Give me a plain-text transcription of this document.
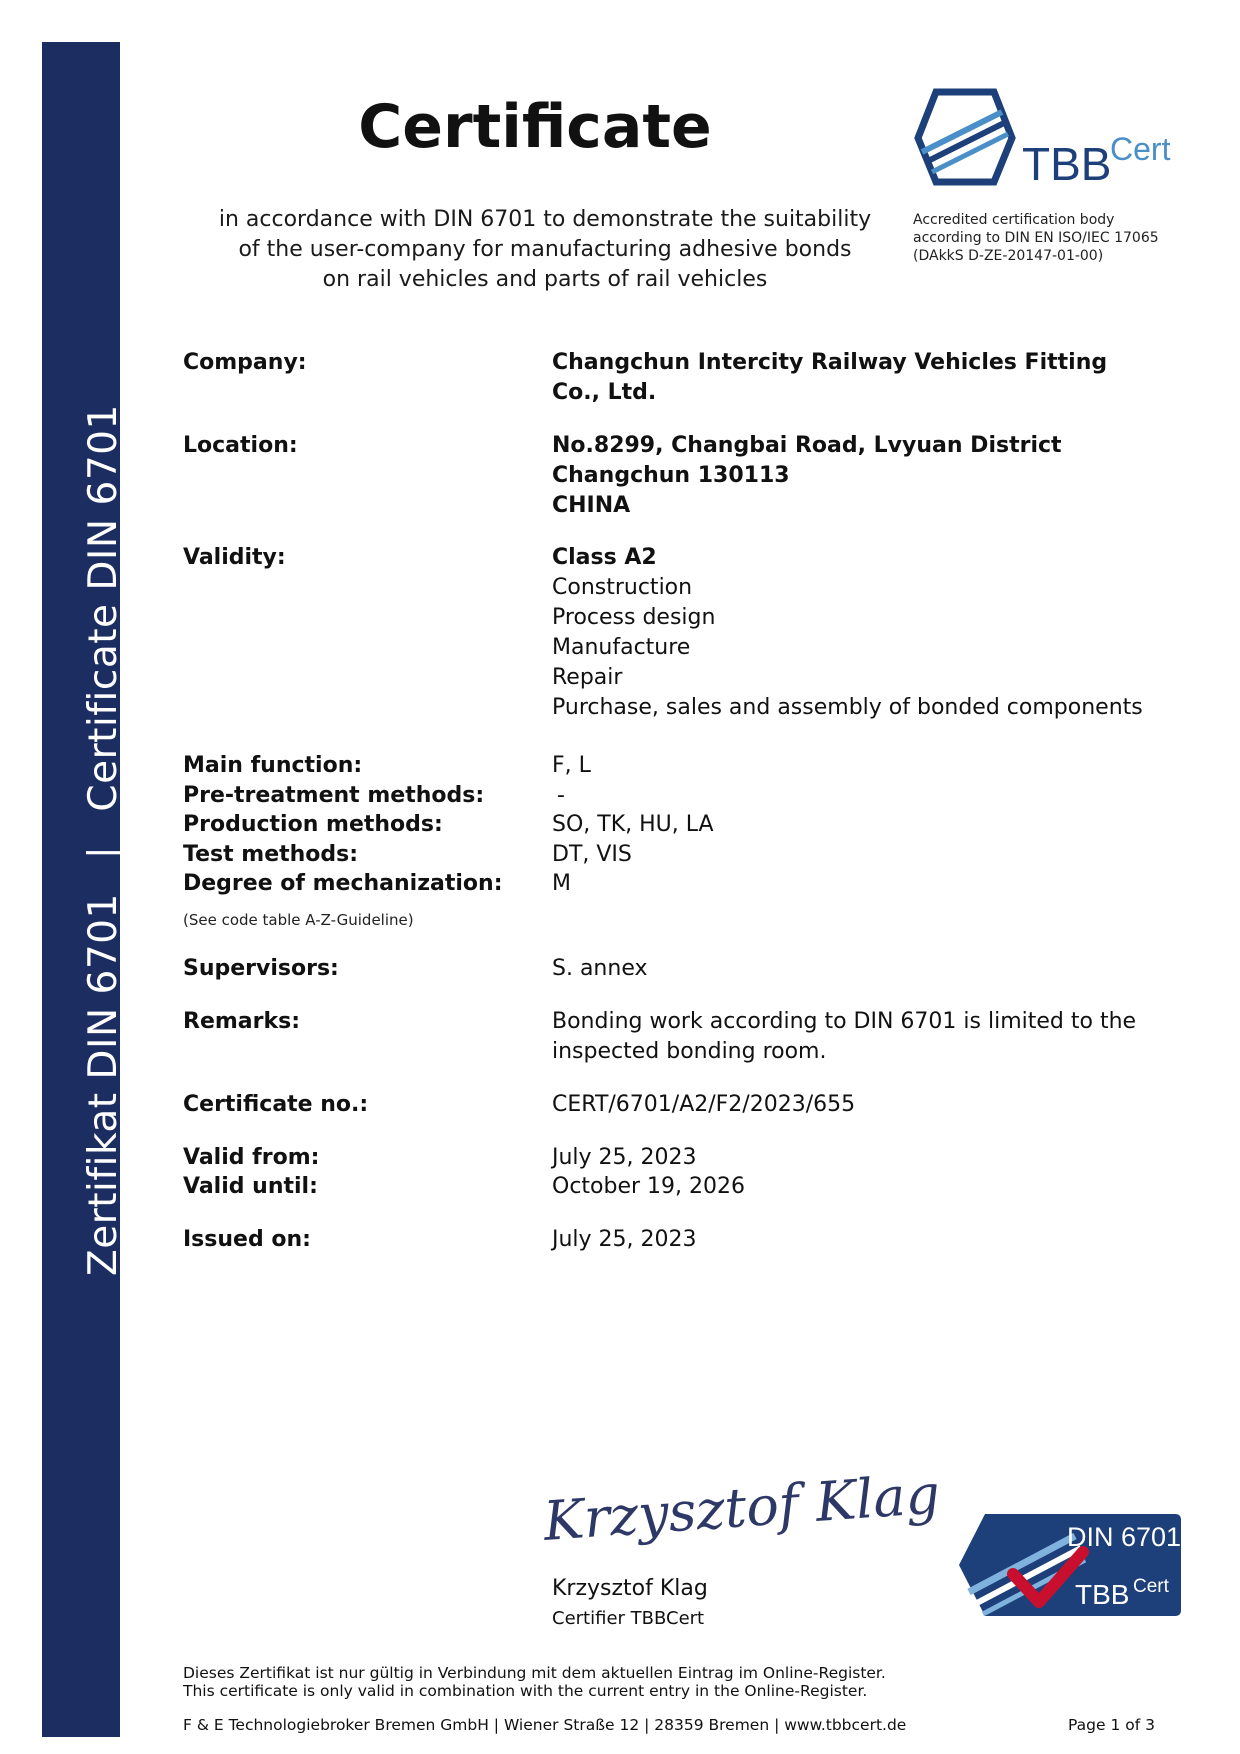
Zertifikat DIN 6701|Certificate DIN 6701
Certificate
in accordance with DIN 6701 to demonstrate the suitability
of the user-company for manufacturing adhesive bonds
on rail vehicles and parts of rail vehicles
TBB
Cert
Accredited certification body
according to DIN EN ISO/IEC 17065
(DAkkS D-ZE-20147-01-00)
Company:	Changchun Intercity Railway Vehicles Fitting
Co., Ltd.
Location:	No.8299, Changbai Road, Lvyuan District
Changchun 130113
CHINA
Validity:	Class A2
Construction
Process design
Manufacture
Repair
Purchase, sales and assembly of bonded components
Main function:	F, L
Pre-treatment methods:	-
Production methods:	SO, TK, HU, LA
Test methods:	DT, VIS
Degree of mechanization: M
(See code table A-Z-Guideline)
Supervisors:	S. annex
Remarks:	Bonding work according to DIN 6701 is limited to the
inspected bonding room.
Certificate no.:	CERT/6701/A2/F2/2023/655
Valid from:	July 25, 2023
Valid until:	October 19, 2026
Issued on:	July 25, 2023
Krzysztof Klag
Krzysztof Klag
Certifier TBBCert
DIN 6701
TBB Cert
Dieses Zertifikat ist nur gültig in Verbindung mit dem aktuellen Eintrag im Online-Register.
This certificate is only valid in combination with the current entry in the Online-Register.
F & E Technologiebroker Bremen GmbH | Wiener Straße 12 | 28359 Bremen | www.tbbcert.de	Page 1 of 3
